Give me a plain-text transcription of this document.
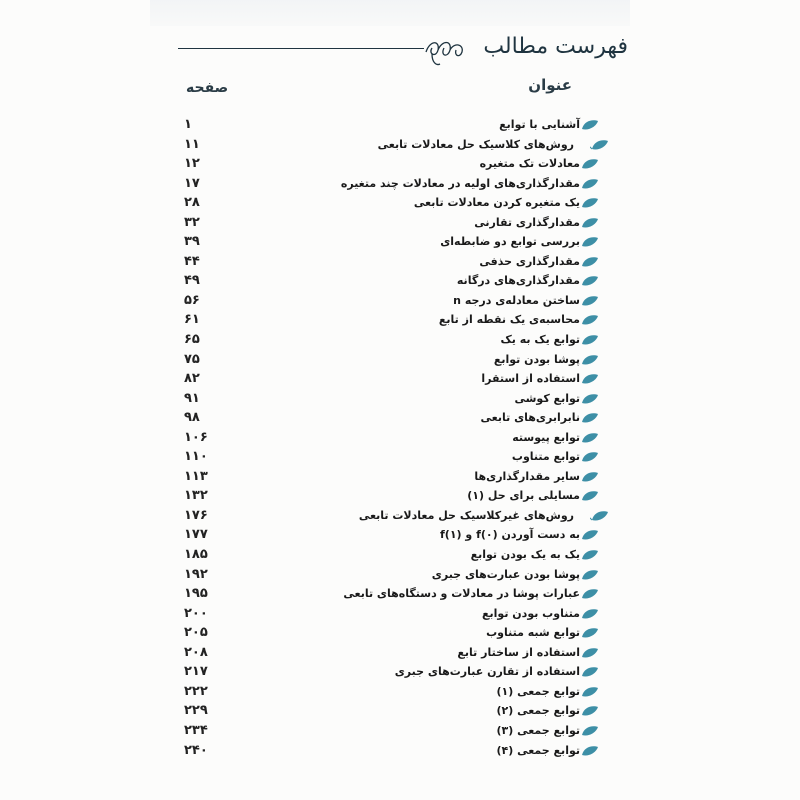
فهرست مطالب
عنوان
صفحه
۱	آشنایی با توابع
۱۱	روش‌های کلاسیک حل معادلات تابعی
۱۲	معادلات تک متغیره
۱۷	مقدارگذاری‌های اولیه در معادلات چند متغیره
۲۸	یک متغیره کردن معادلات تابعی
۳۲	مقدارگذاری تقارنی
۳۹	بررسی توابع دو ضابطه‌ای
۴۴	مقدارگذاری حذفی
۴۹	مقدارگذاری‌های درگانه
۵۶	ساختن معادله‌ی درجه n
۶۱	محاسبه‌ی یک نقطه از تابع
۶۵	توابع یک به یک
۷۵	پوشا بودن توابع
۸۲	استفاده از استقرا
۹۱	توابع کوشی
۹۸	نابرابری‌های تابعی
۱۰۶	توابع پیوسته
۱۱۰	توابع متناوب
۱۱۳	سایر مقدارگذاری‌ها
۱۳۲	مسایلی برای حل (۱)
۱۷۶	روش‌های غیرکلاسیک حل معادلات تابعی
۱۷۷	به دست آوردن f(۰) و f(۱)
۱۸۵	یک به یک بودن توابع
۱۹۲	پوشا بودن عبارت‌های جبری
۱۹۵	عبارات پوشا در معادلات و دستگاه‌های تابعی
۲۰۰	متناوب بودن توابع
۲۰۵	توابع شبه متناوب
۲۰۸	استفاده از ساختار تابع
۲۱۷	استفاده از تقارن عبارت‌های جبری
۲۲۲	توابع جمعی (۱)
۲۲۹	توابع جمعی (۲)
۲۳۴	توابع جمعی (۳)
۲۴۰	توابع جمعی (۴)
